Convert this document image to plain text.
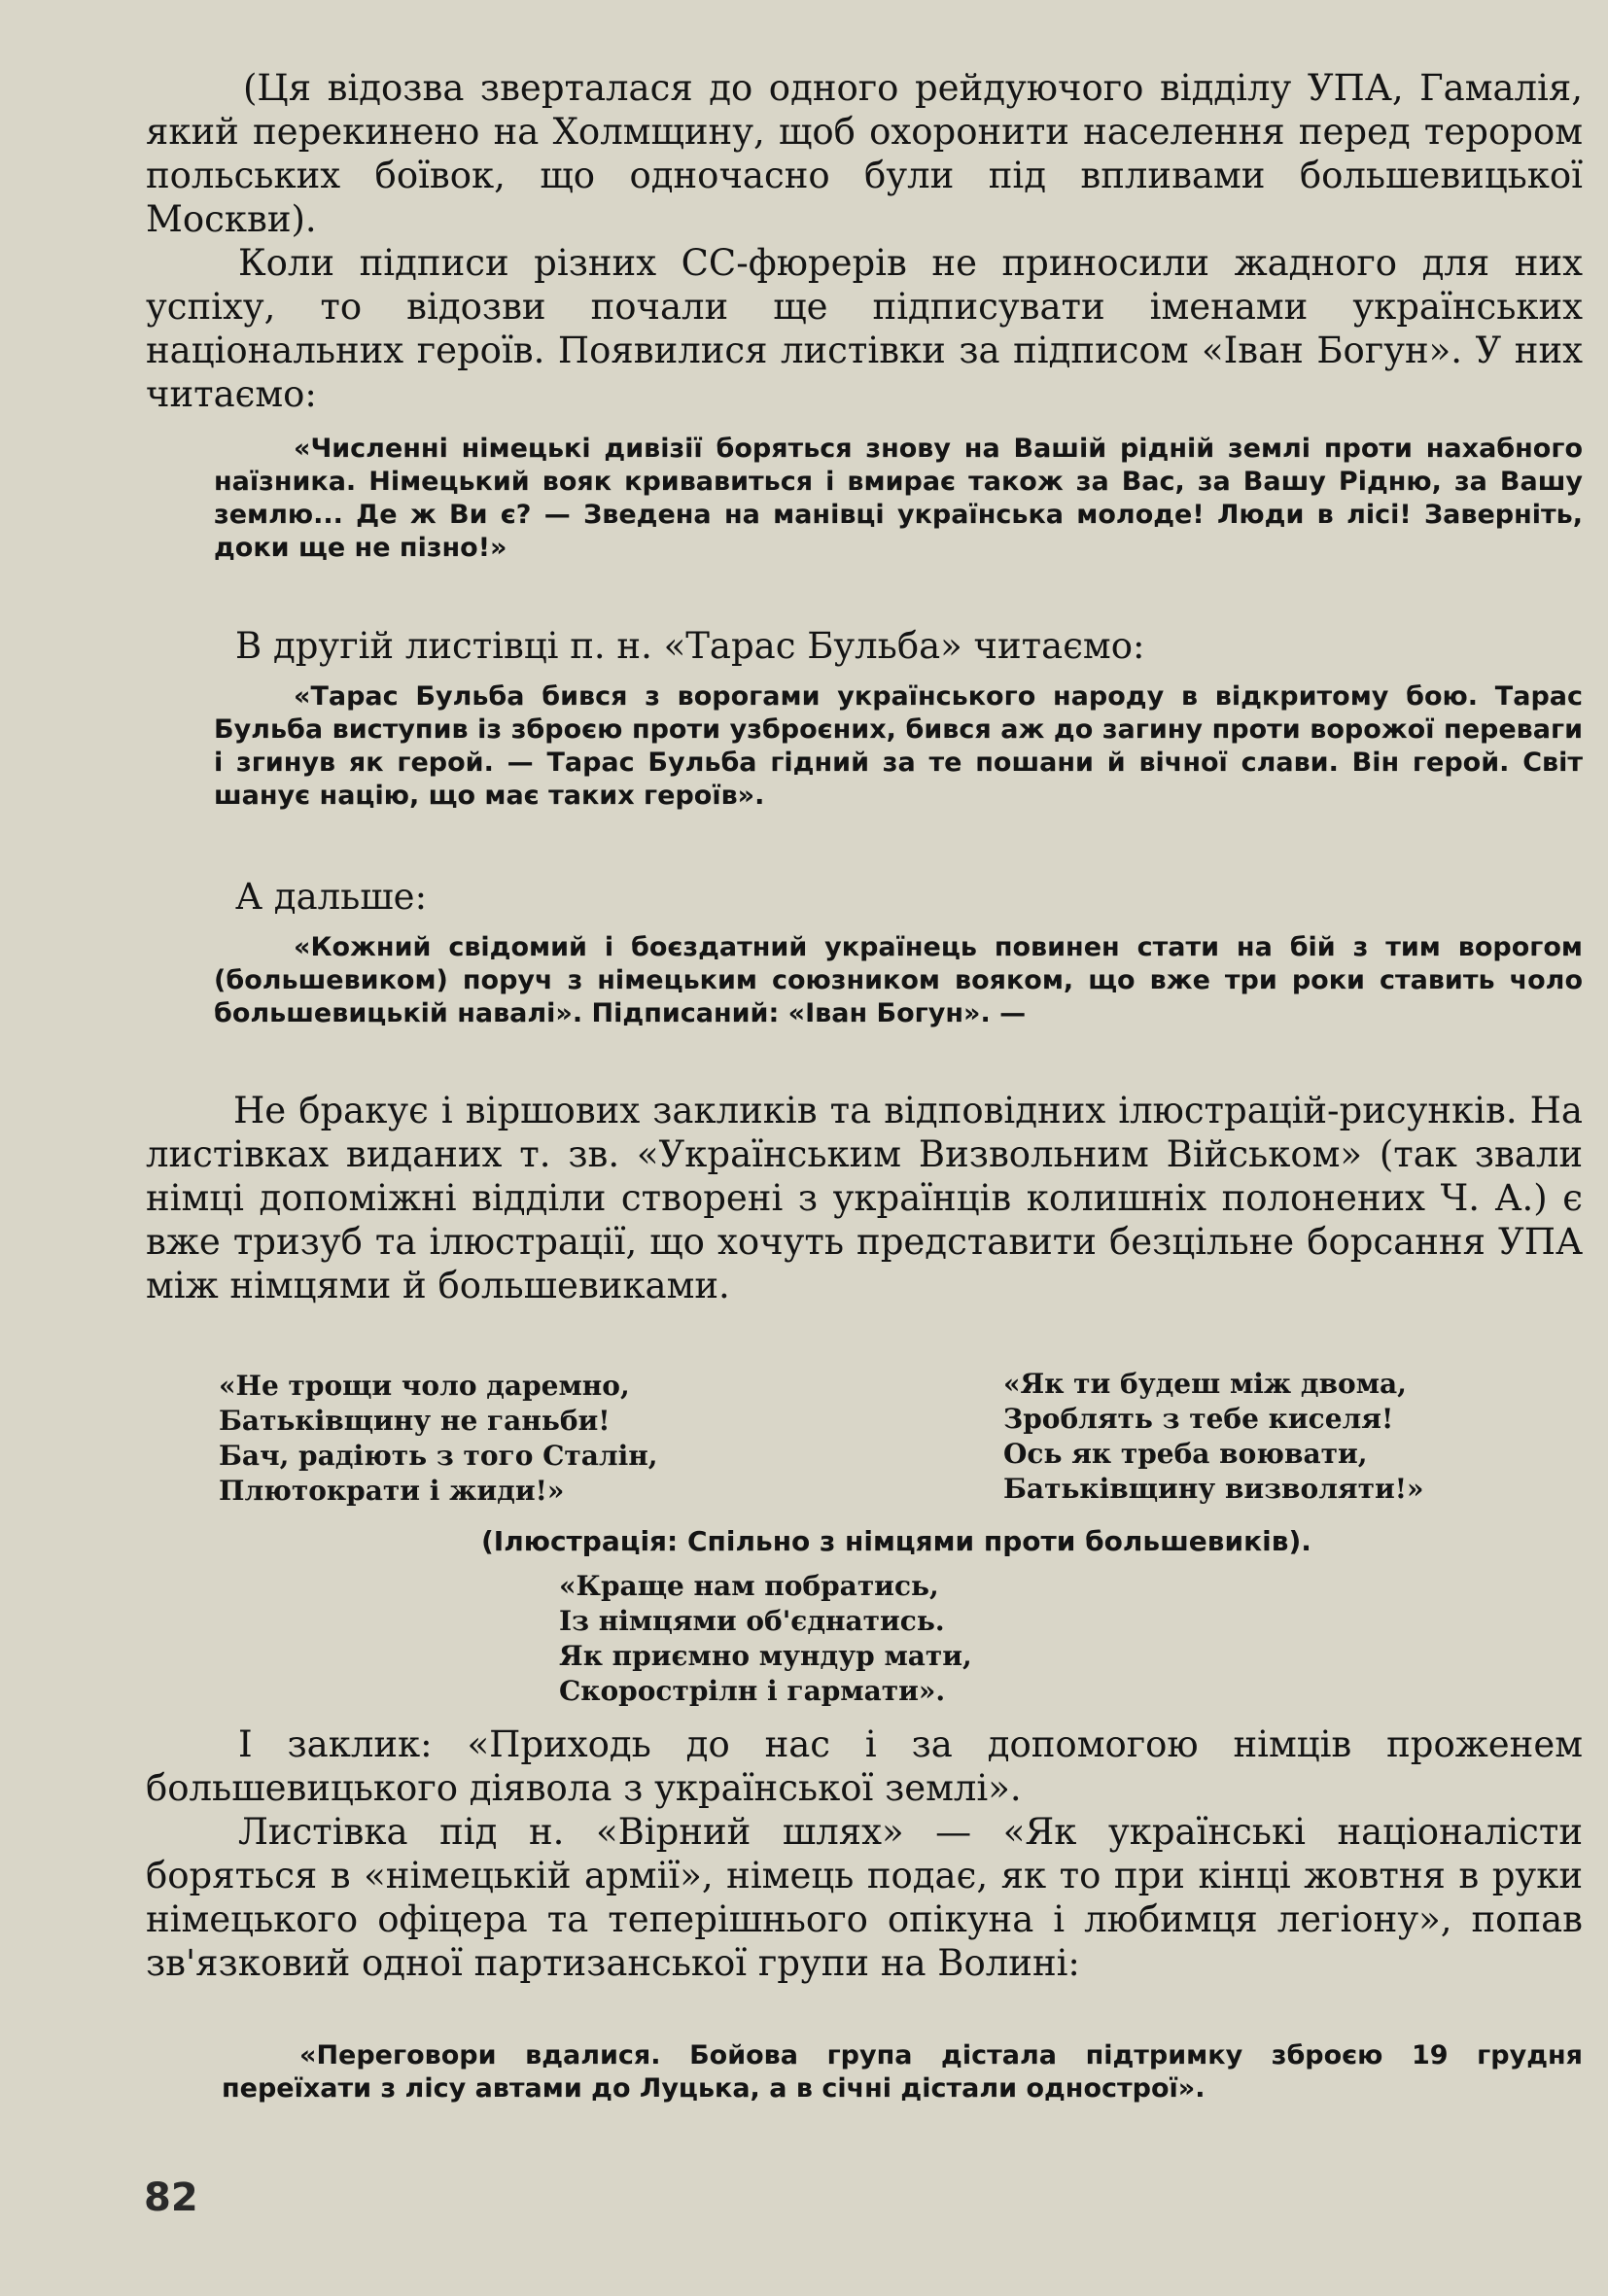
(Ця відозва зверталася до одного рейдуючого відділу УПА, Гамалія, який перекинено на Холмщину, щоб охоронити населення перед терором польських боївок, що одночасно були під впливами большевицької Москви).

Коли підписи різних СС-фюрерів не приносили жадного для них успіху, то відозви почали ще підписувати іменами українських національних героїв. Появилися листівки за підписом «Іван Богун». У них читаємо:

«Численні німецькі дивізії боряться знову на Вашій рідній землі проти нахабного наїзника. Німецький вояк кривавиться і вмирає також за Вас, за Вашу Рідню, за Вашу землю... Де ж Ви є? — Зведена на манівці українська молоде! Люди в лісі! Заверніть, доки ще не пізно!»

В другій листівці п. н. «Тарас Бульба» читаємо:

«Тарас Бульба бився з ворогами українського народу в відкритому бою. Тарас Бульба виступив із зброєю проти узброєних, бився аж до загину проти ворожої переваги і згинув як герой. — Тарас Бульба гідний за те пошани й вічної слави. Він герой. Світ шанує націю, що має таких героїв».

А дальше:

«Кожний свідомий і боєздатний українець повинен стати на бій з тим ворогом (большевиком) поруч з німецьким союзником вояком, що вже три роки ставить чоло большевицькій навалі». Підписаний: «Іван Богун». —

Не бракує і віршових закликів та відповідних ілюстрацій-рисунків. На листівках виданих т. зв. «Українським Визвольним Військом» (так звали німці допоміжні відділи створені з українців колишніх полонених Ч. А.) є вже тризуб та ілюстрації, що хочуть представити безцільне борсання УПА між німцями й большевиками.

«Не трощи чоло даремно,
Батьківщину не ганьби!
Бач, радіють з того Сталін,
Плютократи і жиди!»
«Як ти будеш між двома,
Зроблять з тебе киселя!
Ось як треба воювати,
Батьківщину визволяти!»
(Ілюстрація: Спільно з німцями проти большевиків).
«Краще нам побратись,
Із німцями об'єднатись.
Як приємно мундур мати,
Скорострілн і гармати».

І заклик: «Приходь до нас і за допомогою німців проженем большевицького діявола з української землі».

Листівка під н. «Вірний шлях» — «Як українські націоналісти боряться в «німецькій армії», німець подає, як то при кінці жовтня в руки німецького офіцера та теперішнього опікуна і любимця легіону», попав зв'язковий одної партизанської групи на Волині:

«Переговори вдалися. Бойова група дістала підтримку зброєю 19 грудня переїхати з лісу автами до Луцька, а в січні дістали однострої».

82
